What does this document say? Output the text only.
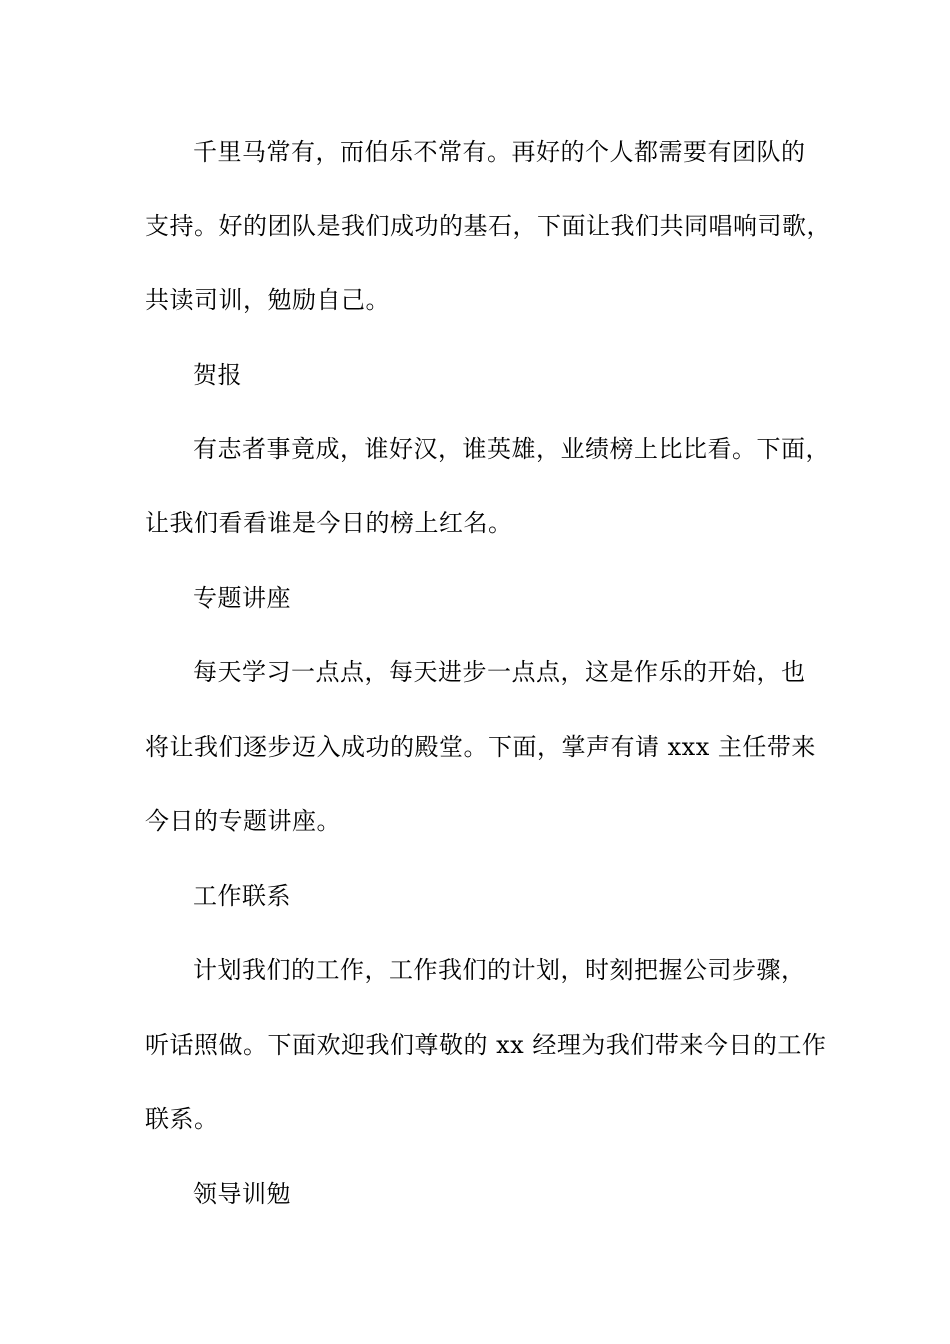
千里马常有，而伯乐不常有。再好的个人都需要有团队的
支持。好的团队是我们成功的基石，下面让我们共同唱响司歌，
共读司训，勉励自己。
贺报
有志者事竟成，谁好汉，谁英雄，业绩榜上比比看。下面，
让我们看看谁是今日的榜上红名。
专题讲座
每天学习一点点，每天进步一点点，这是作乐的开始，也
将让我们逐步迈入成功的殿堂。下面，掌声有请 xxx 主任带来
今日的专题讲座。
工作联系
计划我们的工作，工作我们的计划，时刻把握公司步骤，
听话照做。下面欢迎我们尊敬的 xx 经理为我们带来今日的工作
联系。
领导训勉
